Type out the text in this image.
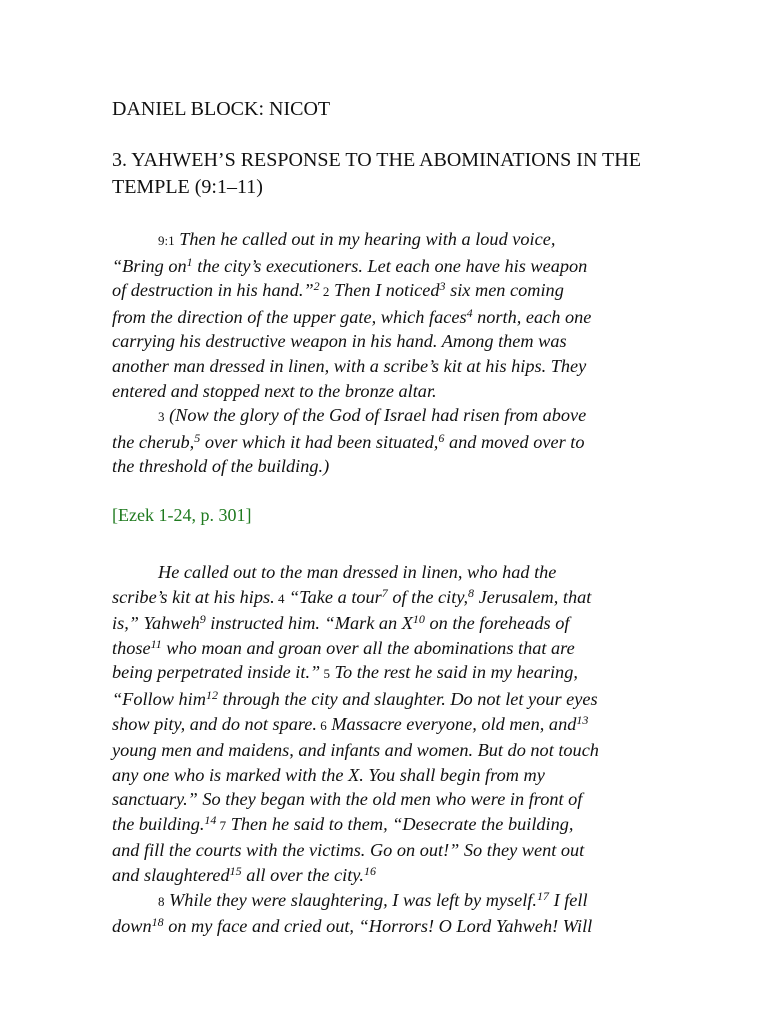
DANIEL BLOCK: NICOT

3. YAHWEH’S RESPONSE TO THE ABOMINATIONS IN THE TEMPLE (9:1–11)

9:1 Then he called out in my hearing with a loud voice,
“Bring $on^1$ the city’s executioners. Let each one have his weapon
of destruction in his hand.”$^2$ 2 Then I noticed$^3$ six men coming
from the direction of the upper gate, which faces$^4$ north, each one
carrying his destructive weapon in his hand. Among them was
another man dressed in linen, with a scribe’s kit at his hips. They
entered and stopped next to the bronze altar.
3 (Now the glory of the God of Israel had risen from above
the cherub,$^5$ over which it had been situated,$^6$ and moved over to
the threshold of the building.)

[Ezek 1-24, p. 301]

He called out to the man dressed in linen, who had the
scribe’s kit at his hips. 4 “Take a tour$^7$ of the city,$^8$ Jerusalem, that
is,” Yahweh$^9$ instructed him. “Mark an $X^{10}$ on the foreheads of
those$^{11}$ who moan and groan over all the abominations that are
being perpetrated inside it.” 5 To the rest he said in my hearing,
“Follow him$^{12}$ through the city and slaughter. Do not let your eyes
show pity, and do not spare. 6 Massacre everyone, old men, and$^{13}$
young men and maidens, and infants and women. But do not touch
any one who is marked with the X. You shall begin from my
sanctuary.” So they began with the old men who were in front of
the building.$^{14}$ 7 Then he said to them, “Desecrate the building,
and fill the courts with the victims. Go on out!” So they went out
and slaughtered$^{15}$ all over the city.$^{16}$
8 While they were slaughtering, I was left by myself.$^{17}$ I fell
down$^{18}$ on my face and cried out, “Horrors! O Lord Yahweh! Will
